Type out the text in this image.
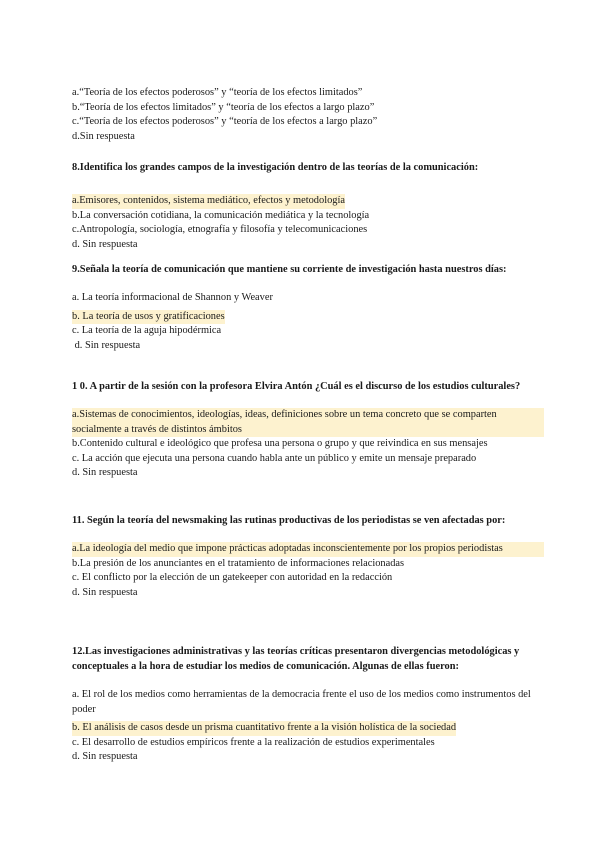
a.“Teoría de los efectos poderosos” y “teoría de los efectos limitados”
b.“Teoría de los efectos limitados” y “teoría de los efectos a largo plazo”
c.“Teoría de los efectos poderosos” y “teoría de los efectos a largo plazo”
d.Sin respuesta
8.Identifica los grandes campos de la investigación dentro de las teorías de la comunicación:
a.Emisores, contenidos, sistema mediático, efectos y metodología
b.La conversación cotidiana, la comunicación mediática y la tecnología
c.Antropología, sociología, etnografía y filosofía y telecomunicaciones
d. Sin respuesta
9.Señala la teoría de comunicación que mantiene su corriente de investigación hasta nuestros días:
a. La teoría informacional de Shannon y Weaver
b. La teoría de usos y gratificaciones
c. La teoría de la aguja hipodérmica
d. Sin respuesta
1 0. A partir de la sesión con la profesora Elvira Antón ¿Cuál es el discurso de los estudios culturales?
a.Sistemas de conocimientos, ideologías, ideas, definiciones sobre un tema concreto que se comparten socialmente a través de distintos ámbitos
b.Contenido cultural e ideológico que profesa una persona o grupo y que reivindica en sus mensajes
c. La acción que ejecuta una persona cuando habla ante un público y emite un mensaje preparado
d. Sin respuesta
11. Según la teoría del newsmaking las rutinas productivas de los periodistas se ven afectadas por:
a.La ideología del medio que impone prácticas adoptadas inconscientemente por los propios periodistas
b.La presión de los anunciantes en el tratamiento de informaciones relacionadas
c. El conflicto por la elección de un gatekeeper con autoridad en la redacción
d. Sin respuesta
12.Las investigaciones administrativas y las teorías críticas presentaron divergencias metodológicas y conceptuales a la hora de estudiar los medios de comunicación. Algunas de ellas fueron:
a. El rol de los medios como herramientas de la democracia frente el uso de los medios como instrumentos del poder
b. El análisis de casos desde un prisma cuantitativo frente a la visión holística de la sociedad
c. El desarrollo de estudios empíricos frente a la realización de estudios experimentales
d. Sin respuesta
